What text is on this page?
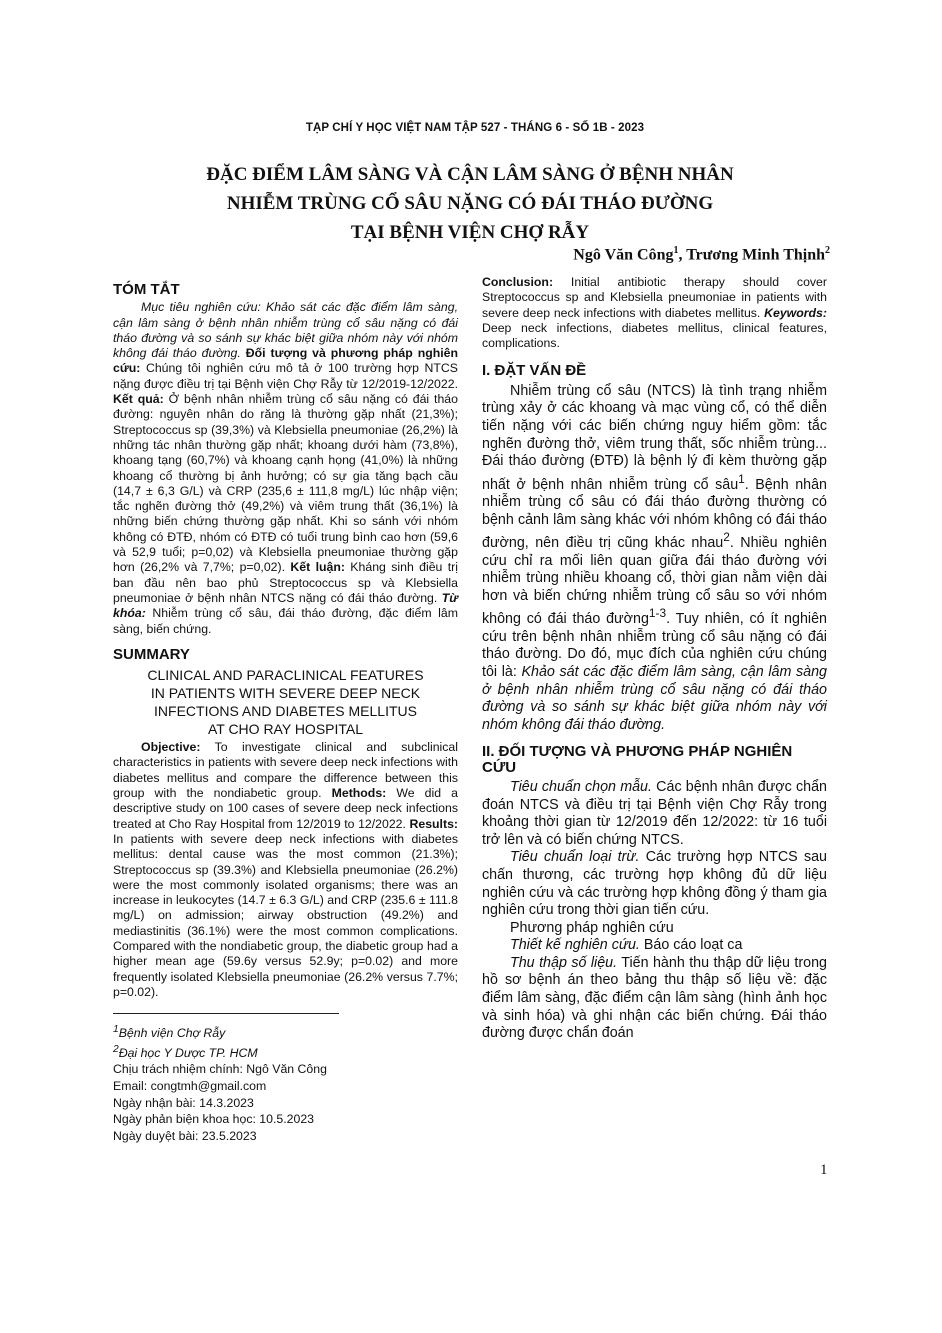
TẠP CHÍ Y HỌC VIỆT NAM TẬP 527 - THÁNG 6 - SỐ 1B - 2023
ĐẶC ĐIỂM LÂM SÀNG VÀ CẬN LÂM SÀNG Ở BỆNH NHÂN
NHIỄM TRÙNG CỔ SÂU NẶNG CÓ ĐÁI THÁO ĐƯỜNG
TẠI BỆNH VIỆN CHỢ RẪY
Ngô Văn Công$^1$, Trương Minh Thịnh$^2$
TÓM TẮT
Mục tiêu nghiên cứu: Khảo sát các đặc điểm lâm sàng, cận lâm sàng ở bệnh nhân nhiễm trùng cổ sâu nặng có đái tháo đường và so sánh sự khác biệt giữa nhóm này với nhóm không đái tháo đường. Đối tượng và phương pháp nghiên cứu: Chúng tôi nghiên cứu mô tả ở 100 trường hợp NTCS nặng được điều trị tại Bệnh viện Chợ Rẫy từ 12/2019-12/2022. Kết quả: Ở bệnh nhân nhiễm trùng cổ sâu nặng có đái tháo đường: nguyên nhân do răng là thường gặp nhất (21,3%); Streptococcus sp (39,3%) và Klebsiella pneumoniae (26,2%) là những tác nhân thường gặp nhất; khoang dưới hàm (73,8%), khoang tạng (60,7%) và khoang cạnh họng (41,0%) là những khoang cổ thường bị ảnh hưởng; có sự gia tăng bạch cầu (14,7 ± 6,3 G/L) và CRP (235,6 ± 111,8 mg/L) lúc nhập viện; tắc nghẽn đường thở (49,2%) và viêm trung thất (36,1%) là những biến chứng thường gặp nhất. Khi so sánh với nhóm không có ĐTĐ, nhóm có ĐTĐ có tuổi trung bình cao hơn (59,6 và 52,9 tuổi; p=0,02) và Klebsiella pneumoniae thường gặp hơn (26,2% và 7,7%; p=0,02). Kết luận: Kháng sinh điều trị ban đầu nên bao phủ Streptococcus sp và Klebsiella pneumoniae ở bệnh nhân NTCS nặng có đái tháo đường. Từ khóa: Nhiễm trùng cổ sâu, đái tháo đường, đặc điểm lâm sàng, biến chứng.
SUMMARY
CLINICAL AND PARACLINICAL FEATURES
IN PATIENTS WITH SEVERE DEEP NECK
INFECTIONS AND DIABETES MELLITUS
AT CHO RAY HOSPITAL
Objective: To investigate clinical and subclinical characteristics in patients with severe deep neck infections with diabetes mellitus and compare the difference between this group with the nondiabetic group. Methods: We did a descriptive study on 100 cases of severe deep neck infections treated at Cho Ray Hospital from 12/2019 to 12/2022. Results: In patients with severe deep neck infections with diabetes mellitus: dental cause was the most common (21.3%); Streptococcus sp (39.3%) and Klebsiella pneumoniae (26.2%) were the most commonly isolated organisms; there was an increase in leukocytes (14.7 ± 6.3 G/L) and CRP (235.6 ± 111.8 mg/L) on admission; airway obstruction (49.2%) and mediastinitis (36.1%) were the most common complications. Compared with the nondiabetic group, the diabetic group had a higher mean age (59.6y versus 52.9y; p=0.02) and more frequently isolated Klebsiella pneumoniae (26.2% versus 7.7%; p=0.02).
$^1$Bệnh viện Chợ Rẫy
$^2$Đại học Y Dược TP. HCM
Chịu trách nhiệm chính: Ngô Văn Công
Email: congtmh@gmail.com
Ngày nhận bài: 14.3.2023
Ngày phản biện khoa học: 10.5.2023
Ngày duyệt bài: 23.5.2023
Conclusion: Initial antibiotic therapy should cover Streptococcus sp and Klebsiella pneumoniae in patients with severe deep neck infections with diabetes mellitus. Keywords: Deep neck infections, diabetes mellitus, clinical features, complications.
I. ĐẶT VẤN ĐỀ
Nhiễm trùng cổ sâu (NTCS) là tình trạng nhiễm trùng xảy ở các khoang và mạc vùng cổ, có thể diễn tiến nặng với các biến chứng nguy hiểm gồm: tắc nghẽn đường thở, viêm trung thất, sốc nhiễm trùng... Đái tháo đường (ĐTĐ) là bệnh lý đi kèm thường gặp nhất ở bệnh nhân nhiễm trùng cổ sâu$^1$. Bệnh nhân nhiễm trùng cổ sâu có đái tháo đường thường có bệnh cảnh lâm sàng khác với nhóm không có đái tháo đường, nên điều trị cũng khác nhau$^2$. Nhiều nghiên cứu chỉ ra mối liên quan giữa đái tháo đường với nhiễm trùng nhiều khoang cổ, thời gian nằm viện dài hơn và biến chứng nhiễm trùng cổ sâu so với nhóm không có đái tháo đường$^{1-3}$. Tuy nhiên, có ít nghiên cứu trên bệnh nhân nhiễm trùng cổ sâu nặng có đái tháo đường. Do đó, mục đích của nghiên cứu chúng tôi là: Khảo sát các đặc điểm lâm sàng, cận lâm sàng ở bệnh nhân nhiễm trùng cổ sâu nặng có đái tháo đường và so sánh sự khác biệt giữa nhóm này với nhóm không đái tháo đường.
II. ĐỐI TƯỢNG VÀ PHƯƠNG PHÁP NGHIÊN CỨU
Tiêu chuẩn chọn mẫu. Các bệnh nhân được chẩn đoán NTCS và điều trị tại Bệnh viện Chợ Rẫy trong khoảng thời gian từ 12/2019 đến 12/2022: từ 16 tuổi trở lên và có biến chứng NTCS.
Tiêu chuẩn loại trừ. Các trường hợp NTCS sau chấn thương, các trường hợp không đủ dữ liệu nghiên cứu và các trường hợp không đồng ý tham gia nghiên cứu trong thời gian tiến cứu.
Phương pháp nghiên cứu
Thiết kế nghiên cứu. Báo cáo loạt ca
Thu thập số liệu. Tiến hành thu thập dữ liệu trong hồ sơ bệnh án theo bảng thu thập số liệu về: đặc điểm lâm sàng, đặc điểm cận lâm sàng (hình ảnh học và sinh hóa) và ghi nhận các biến chứng. Đái tháo đường được chẩn đoán
1
